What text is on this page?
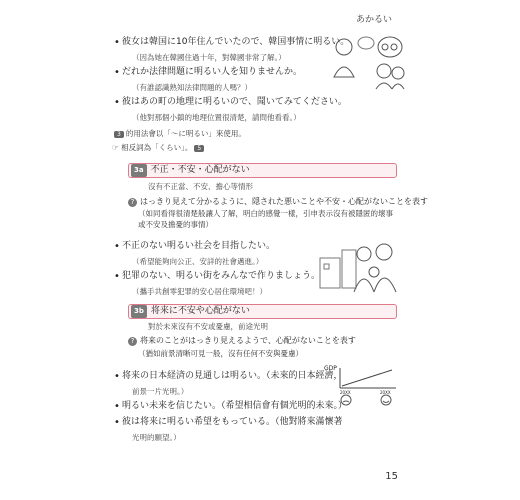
あかるい
• 彼女は韓国に10年住んでいたので、韓国事情に明るい。
（因為她在韓國住過十年，對韓國非常了解。）
• だれか法律問題に明るい人を知りませんか。
（有誰認識熟知法律問題的人嗎？）
• 彼はあの町の地理に明るいので、聞いてみてください。
（他對那個小鎮的地理位置很清楚，請問他看看。）
3 的用法會以「～に明るい」來使用。
☞ 相反詞為「くらい」。 5
3a 不正・不安・心配がない
沒有不正當、不安、擔心等情形
? はっきり見えて分かるように、隠された悪いことや不安・心配がないことを表す
（如同看得很清楚般讓人了解，明白的感覺一樣，引申表示沒有被隱匿的壞事
或不安及擔憂的事情）
• 不正のない明るい社会を目指したい。
（希望能夠向公正、安詳的社會邁進。）
• 犯罪のない、明るい街をみんなで作りましょう。
（攜手共創零犯罪的安心居住環境吧！）
3b 将来に不安や心配がない
對於未來沒有不安或憂慮，前途光明
? 将来のことがはっきり見えるようで、心配がないことを表す
（猶如前景清晰可見一般，沒有任何不安與憂慮）
• 将来の日本経済の見通しは明るい。（未來的日本經濟，
前景一片光明。）
• 明るい未来を信じたい。（希望相信會有個光明的未來。）
• 彼は将来に明るい希望をもっている。（他對將來滿懷著
光明的願望。）
GDP
20XX	20XX
15
